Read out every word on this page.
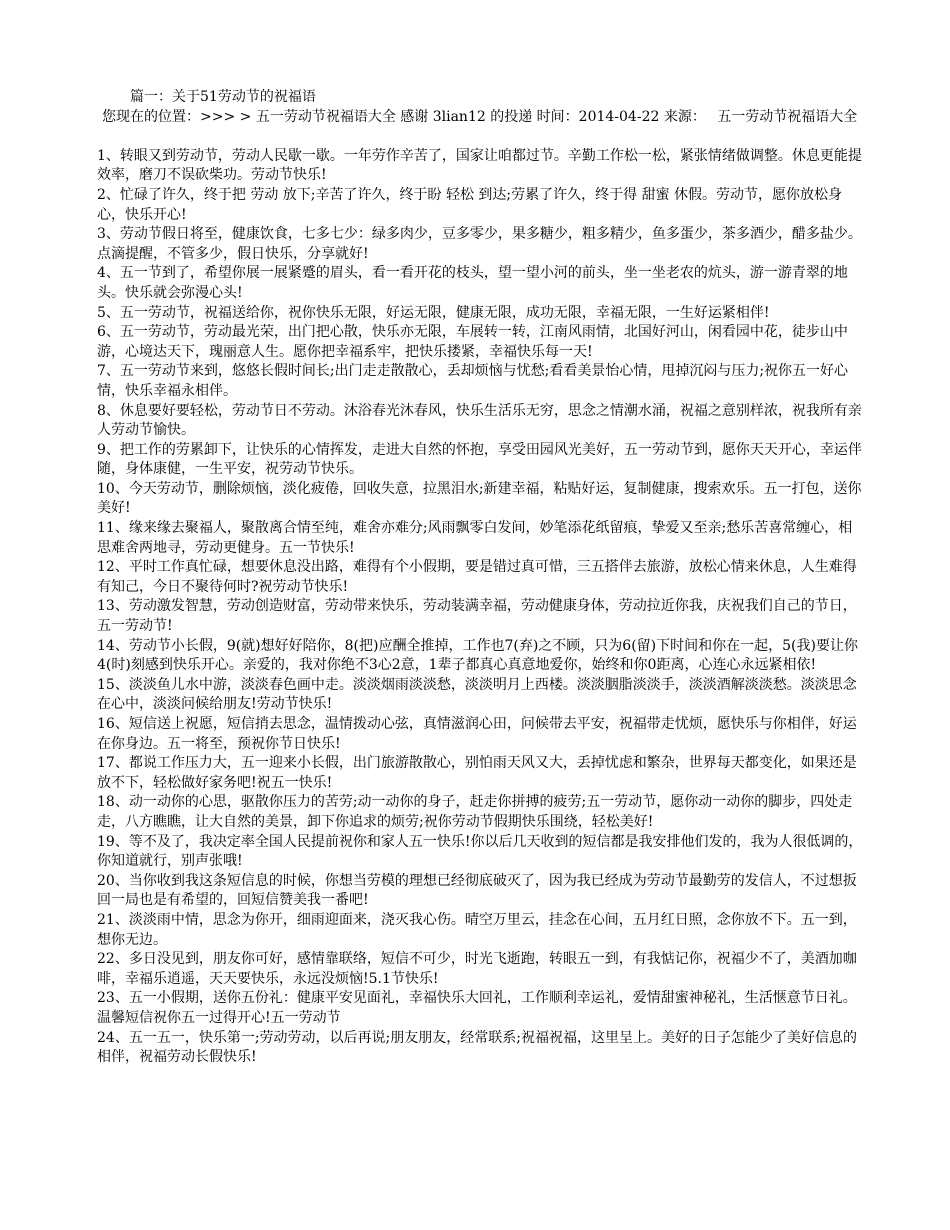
篇一：关于51劳动节的祝福语

您现在的位置：>>> > 五一劳动节祝福语大全 感谢 3lian12 的投递 时间：2014-04-22 来源：　 五一劳动节祝福语大全

1、转眼又到劳动节，劳动人民歇一歇。一年劳作辛苦了，国家让咱都过节。辛勤工作松一松，紧张情绪做调整。休息更能提效率，磨刀不误砍柴功。劳动节快乐!

2、忙碌了许久，终于把 劳动 放下;辛苦了许久，终于盼 轻松 到达;劳累了许久，终于得 甜蜜 休假。劳动节，愿你放松身心，快乐开心!

3、劳动节假日将至，健康饮食，七多七少：绿多肉少，豆多零少，果多糖少，粗多精少，鱼多蛋少，茶多酒少，醋多盐少。点滴提醒，不管多少，假日快乐，分享就好!

4、五一节到了，希望你展一展紧蹙的眉头，看一看开花的枝头，望一望小河的前头，坐一坐老农的炕头，游一游青翠的地头。快乐就会弥漫心头!

5、五一劳动节，祝福送给你，祝你快乐无限，好运无限，健康无限，成功无限，幸福无限，一生好运紧相伴!

6、五一劳动节，劳动最光荣，出门把心散，快乐亦无限，车展转一转，江南风雨情，北国好河山，闲看园中花，徒步山中游，心境达天下，瑰丽意人生。愿你把幸福系牢，把快乐搂紧，幸福快乐每一天!

7、五一劳动节来到，悠悠长假时间长;出门走走散散心，丢却烦恼与忧愁;看看美景怡心情，甩掉沉闷与压力;祝你五一好心情，快乐幸福永相伴。

8、休息要好要轻松，劳动节日不劳动。沐浴春光沐春风，快乐生活乐无穷，思念之情潮水涌，祝福之意别样浓，祝我所有亲人劳动节愉快。

9、把工作的劳累卸下，让快乐的心情挥发，走进大自然的怀抱，享受田园风光美好，五一劳动节到，愿你天天开心，幸运伴随，身体康健，一生平安，祝劳动节快乐。

10、今天劳动节，删除烦恼，淡化疲倦，回收失意，拉黑泪水;新建幸福，粘贴好运，复制健康，搜索欢乐。五一打包，送你美好!

11、缘来缘去聚福人，聚散离合情至纯，难舍亦难分;风雨飘零白发间，妙笔添花纸留痕，挚爱又至亲;愁乐苦喜常缠心，相思难舍两地寻，劳动更健身。五一节快乐!

12、平时工作真忙碌，想要休息没出路，难得有个小假期，要是错过真可惜，三五搭伴去旅游，放松心情来休息，人生难得有知己，今日不聚待何时?祝劳动节快乐!

13、劳动激发智慧，劳动创造财富，劳动带来快乐，劳动装满幸福，劳动健康身体，劳动拉近你我，庆祝我们自己的节日，五一劳动节!

14、劳动节小长假，9(就)想好好陪你，8(把)应酬全推掉，工作也7(弃)之不顾，只为6(留)下时间和你在一起，5(我)要让你4(时)刻感到快乐开心。亲爱的，我对你绝不3心2意，1辈子都真心真意地爱你，始终和你0距离，心连心永远紧相依!

15、淡淡鱼儿水中游，淡淡春色画中走。淡淡烟雨淡淡愁，淡淡明月上西楼。淡淡胭脂淡淡手，淡淡酒解淡淡愁。淡淡思念在心中，淡淡问候给朋友!劳动节快乐!

16、短信送上祝愿，短信捎去思念，温情拨动心弦，真情滋润心田，问候带去平安，祝福带走忧烦，愿快乐与你相伴，好运在你身边。五一将至，预祝你节日快乐!

17、都说工作压力大，五一迎来小长假，出门旅游散散心，别怕雨天风又大，丢掉忧虑和繁杂，世界每天都变化，如果还是放不下，轻松做好家务吧!祝五一快乐!

18、动一动你的心思，驱散你压力的苦劳;动一动你的身子，赶走你拼搏的疲劳;五一劳动节，愿你动一动你的脚步，四处走走，八方瞧瞧，让大自然的美景，卸下你追求的烦劳;祝你劳动节假期快乐围绕，轻松美好!

19、等不及了，我决定率全国人民提前祝你和家人五一快乐!你以后几天收到的短信都是我安排他们发的，我为人很低调的，你知道就行，别声张哦!

20、当你收到我这条短信息的时候，你想当劳模的理想已经彻底破灭了，因为我已经成为劳动节最勤劳的发信人，不过想扳回一局也是有希望的，回短信赞美我一番吧!

21、淡淡雨中情，思念为你开，细雨迎面来，浇灭我心伤。晴空万里云，挂念在心间，五月红日照，念你放不下。五一到，想你无边。

22、多日没见到，朋友你可好，感情靠联络，短信不可少，时光飞逝跑，转眼五一到，有我惦记你，祝福少不了，美酒加咖啡，幸福乐逍遥，天天要快乐，永远没烦恼!5.1节快乐!

23、五一小假期，送你五份礼：健康平安见面礼，幸福快乐大回礼，工作顺利幸运礼，爱情甜蜜神秘礼，生活惬意节日礼。温馨短信祝你五一过得开心!五一劳动节

24、五一五一，快乐第一;劳动劳动，以后再说;朋友朋友，经常联系;祝福祝福，这里呈上。美好的日子怎能少了美好信息的相伴，祝福劳动长假快乐!
